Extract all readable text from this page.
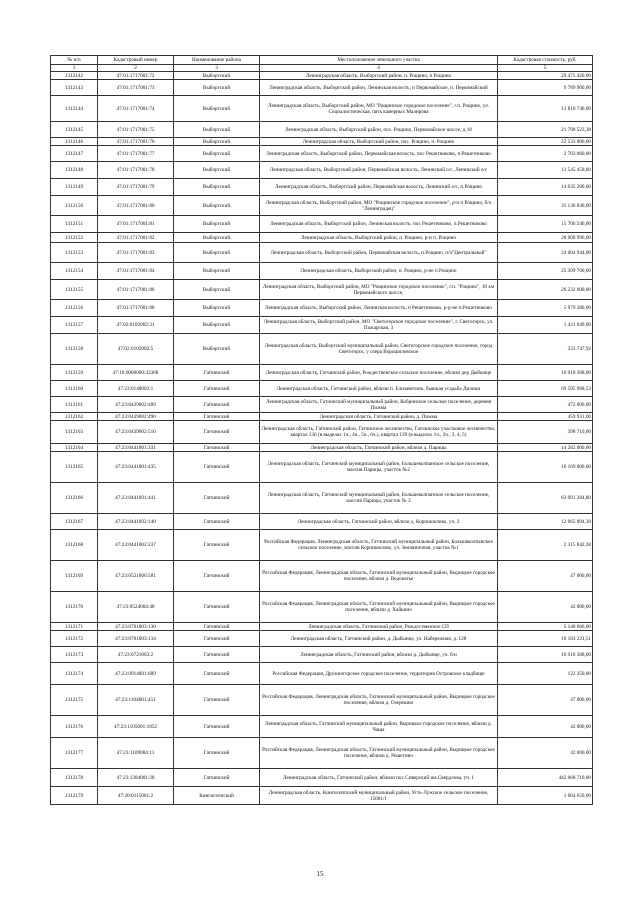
№ п/п	Кадастровый номер	Наименование района	Местоположение земельного участка	Кадастровая стоимость, руб.
1	2	3	4	5
1312142	47:01:1717001:72	Выборгский	Ленинградская область, Выборгский район, п. Рощино, п Рощино	29 475 420,00
1312143	47:01:1717001:73	Выборгский	Ленинградская область, Выборгский район, Ленинская волость, п Первомайское, п. Первомайский	9 789 900,00
1312144	47:01:1717001:74	Выборгский	Ленинградская область, Выборгский район, МО "Рощинское городское поселение", г.п. Рощино, ул. Социалистическая, пять камерных Малнрова	13 810 740,00
1312145	47:01:1717001:75	Выборгский	Ленинградская область, Выборгский район, пос. Рощино, Первомайское шоссе, д 18	21 798 523,38
1312146	47:01:1717001:76	Выборгский	Ленинградская область, Выборгский район, пос. Рощино, п. Рощино	22 533 000,00
1312147	47:01:1717001:77	Выборгский	Ленинградская область, Выборгский район, Первомайская волость, пос Решетниково, п.Решетниково	2 703 060,00
1312148	47:01:1717001:78	Выборгский	Ленинградская область, Выборгский район, Первомайская волость, Ленинский о/с, Ленинский о/с	11 545 458,00
1312149	47:01:1717001:79	Выборгский	Ленинградская область, Выборгский район, Первомайская волость, Ленинский о/с, п.Рощино	14 635 200,00
1312150	47:01:1717001:80	Выборгский	Ленинградская область, Выборгский район, МО "Рощинское городское поселение", р-н п Рощино, б/о "Ленинградец"	31 136 840,00
1312151	47:01:1717001:81	Выборгский	Ленинградская область, Выборгский район, Ленинская волость, пос Решетниково, п.Решетниково	15 706 246,00
1312152	47:01:1717001:82	Выборгский	Ленинградская область, Выборгский район, п. Рощино, р-н п. Рощино	28 000 996,00
1312153	47:01:1717001:83	Выборгский	Ленинградская область, Выборгский район, Первомайская волость, п.Рощино, п/ч"Центральный"	24 004 944,00
1312154	47:01:1717001:84	Выборгский	Ленинградская область, Выборгский район, п. Рощино, р-не п.Рощино	25 309 700,00
1312155	47:01:1717001:86	Выборгский	Ленинградская область, Выборгский район, МО "Рощинское городское поселение", г.п. "Рощино", 10 км Первомайского шоссе,	26 232 600,00
1312156	47:01:1717001:88	Выборгский	Ленинградская область, Выборгский район, Ленинская волость, п Решетниково, р-р-не п.Решетниково	5 979 380,00
1312157	47:02:0102002:31	Выборгский	Ленинградская область, Выборгский район, МО "Светогорское городское поселение", г. Светогорск, ул. Пожарская, 3	1 431 049,00
1312158	47:02:0102002:5	Выборгский	Ленинградская область, Выборгский муниципальный район, Светогорское городское поселение, город Светогорск, у озера Ворошиловское	331 747,92
1312159	47:16:0000000:43368	Гатчинский	Ленинградская область, Гатчинский район, Рождественское сельское поселение, вблизи дер Дыбынце	16 918 308,00
1312160	47:23:0140002:1	Гатчинский	Ленинградская область, Гатчинский район, вблизи п. Елизаветино, бывшая усадьба Дилици	69 595 968,53
1312161	47:23:0439002:489	Гатчинский	Ленинградская область, Гатчинский муниципальный район, Кобринское сельское поселение, деревня Пижма	472 000,00
1312162	47:23:0439002:490	Гатчинский	Ленинградская область, Гатчинский район, д. Пижма	459 931,00
1312163	47:23:0439002:510	Гатчинский	Ленинградская область, Гатчинский район, Гатчинское лесничество, Гатчинское участковое лесничество, квартал 136 (в выделах 1ч., 4ч., 5ч., 6ч.), квартал 139 (в выделах 1ч., 2ч., 3, 4, 5)	398 710,00
1312164	47:23:0441001:331	Гатчинский	Ленинградская область, Гатчинский район, вблизи д. Парицы	14 282 000,00
1312165	47:23:0441001:435	Гатчинский	Ленинградская область, Гатчинский муниципальный район, Большеколпанское сельское поселение, массив Парицы, участок №2	16 169 000,00
1312166	47:23:0441001:441	Гатчинский	Ленинградская область, Гатчинский муниципальный район, Большеколпанское сельское поселение, массив Парицы, участок № 3	63 091 284,80
1312167	47:23:0441002:140	Гатчинский	Ленинградская область, Гатчинский район, вблизи д. Корпикюлово, уч. 2	12 065 894,30
1312168	47:23:0441002:237	Гатчинский	Российская Федерация, Ленинградская область, Гатчинский муниципальный район, Большеколпанское сельское поселение, массив Корпикюлово, ул. Земляничная, участок №1	2 315 842,38
1312169	47:23:0521006:581	Гатчинский	Российская Федерация, Ленинградская область, Гатчинский муниципальный район, Вырицкое городское поселение, вблизи д. Ведокатье	47 000,00
1312170	47:23:0524004:48	Гатчинский	Российская Федерация, Ленинградская область, Гатчинский муниципальный район, Вырицкое городское поселение, вблизи д. Хайкино	42 000,00
1312171	47:23:0701003:130	Гатчинский	Ленинградская область, Гатчинский район, Рождественское СП	5 148 666,00
1312172	47:23:0701003:134	Гатчинский	Ленинградская область, Гатчинский район, д. Дыбынце, ул. Набережная, д. 128	10 183 221,51
1312173	47:23:0721003:2	Гатчинский	Ленинградская область, Гатчинский район, вблизи д. Дыбынце, уч. б/н	16 918 308,00
1312174	47:23:0914001:689	Гатчинский	Российская Федерация, Дружногорское городское поселение, территория Островское кладбище	122 350,00
1312175	47:23:1104001:451	Гатчинский	Российская Федерация, Ленинградская область, Гатчинский муниципальный район, Вырицкое городское поселение, вблизи д. Озерешно	47 000,00
1312176	47:23:1105001:1852	Гатчинский	Ленинградская область, Гатчинский муниципальный район, Вырицкое городское поселение, вблизи д. Чаща	42 000,00
1312177	47:23:1109004:11	Гатчинский	Российская Федерация, Ленинградская область, Гатчинский муниципальный район, Вырицкое городское поселение, вблизи д. Решетино	42 000,00
1312178	47:23:1304001:28	Гатчинский	Ленинградская область, Гатчинский район, вблизи пос.Сиверский им.Свердлова, уч. 1	442 668 710,00
1312179	47:20:0115001:2	Кингисеппский	Ленинградская область, Кингисеппский муниципальный район, Усть-Лужское сельское поселение, 15001/1	1 664 650,00
15
